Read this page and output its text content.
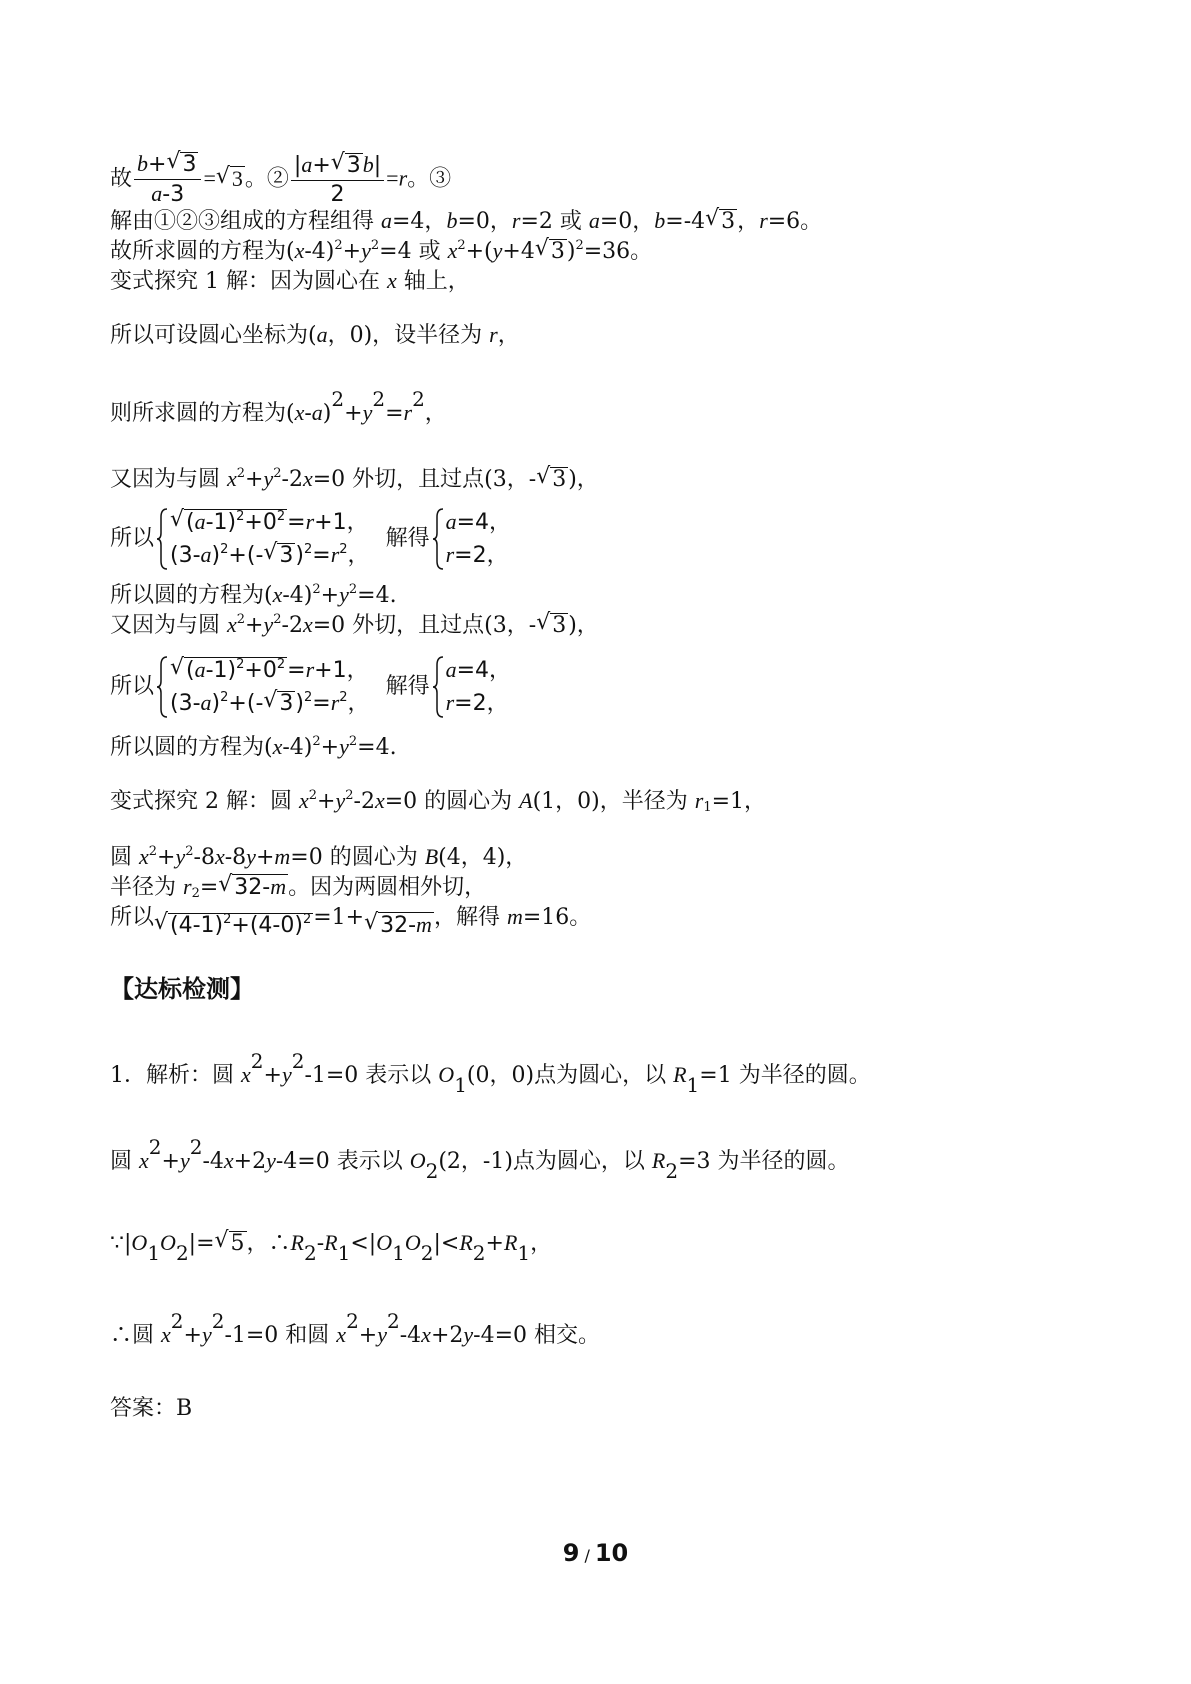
故 $\frac{b+√ 3}{a-3}$ =√ 3。② $\frac{|a+√ 3b|}{2} =r$。③
解由①②③组成的方程组得 a=4，b=0，r=2 或 a=0，b=-4√ 3，r=6。
故所求圆的方程为$(x-4)^2+y^2=4$ 或 $x^2+(y+4√$ 3)$^2$=36。
变式探究 1 解：因为圆心在 x 轴上，
所以可设圆心坐标为(a，0)，设半径为 r，
则所求圆的方程为$(x-a)^2+y^2=r^2$，
又因为与圆 $x^2+y^2-2x=0$ 外切，且过点(3，-√ 3)，
所以
√ $(a-1)^2+0^2=r+1$，
$(3-a)^2+(-√$ $3)^2=r^2$，
解得
a=4，
r=2，
所以圆的方程为$(x-4)^2+y^2=4$.
又因为与圆 $x^2+y^2-2x=0$ 外切，且过点(3，-√ 3)，
所以
√ $(a-1)^2+0^2=r+1$，
$(3-a)^2+(-√$ $3)^2=r^2$，
解得
a=4，
r=2，
所以圆的方程为$(x-4)^2+y^2=4$.
变式探究 2 解：圆 $x^2+y^2-2x=0$ 的圆心为 A(1，0)，半径为 $r_1=1$，
圆 $x^2+y^2-8x-8y+m=0$ 的圆心为 B(4，4)，
半径为 $r_2=√$ 32-m。因为两圆相外切，
所以√ $(4-1)^2+(4-0)^2=1+√$ 32-m，解得 m=16。
【达标检测】
1．解析：圆 $x^2+y^2-1=0$ 表示以 $O_1(0$，0)点为圆心，以 $R_1=1$ 为半径的圆。
圆 $x^2+y^2-4x+2y-4=0$ 表示以 $O_2(2$，-1)点为圆心，以 $R_2=3$ 为半径的圆。
$\because|O_1O_2|=√$ 5，$\therefore R_2-R_1<|O_1O_2|<R_2+R_1$，
∴圆 $x^2+y^2-1=0$ 和圆 $x^2+y^2-4x+2y-4=0$ 相交。
答案：B
9 / 10
